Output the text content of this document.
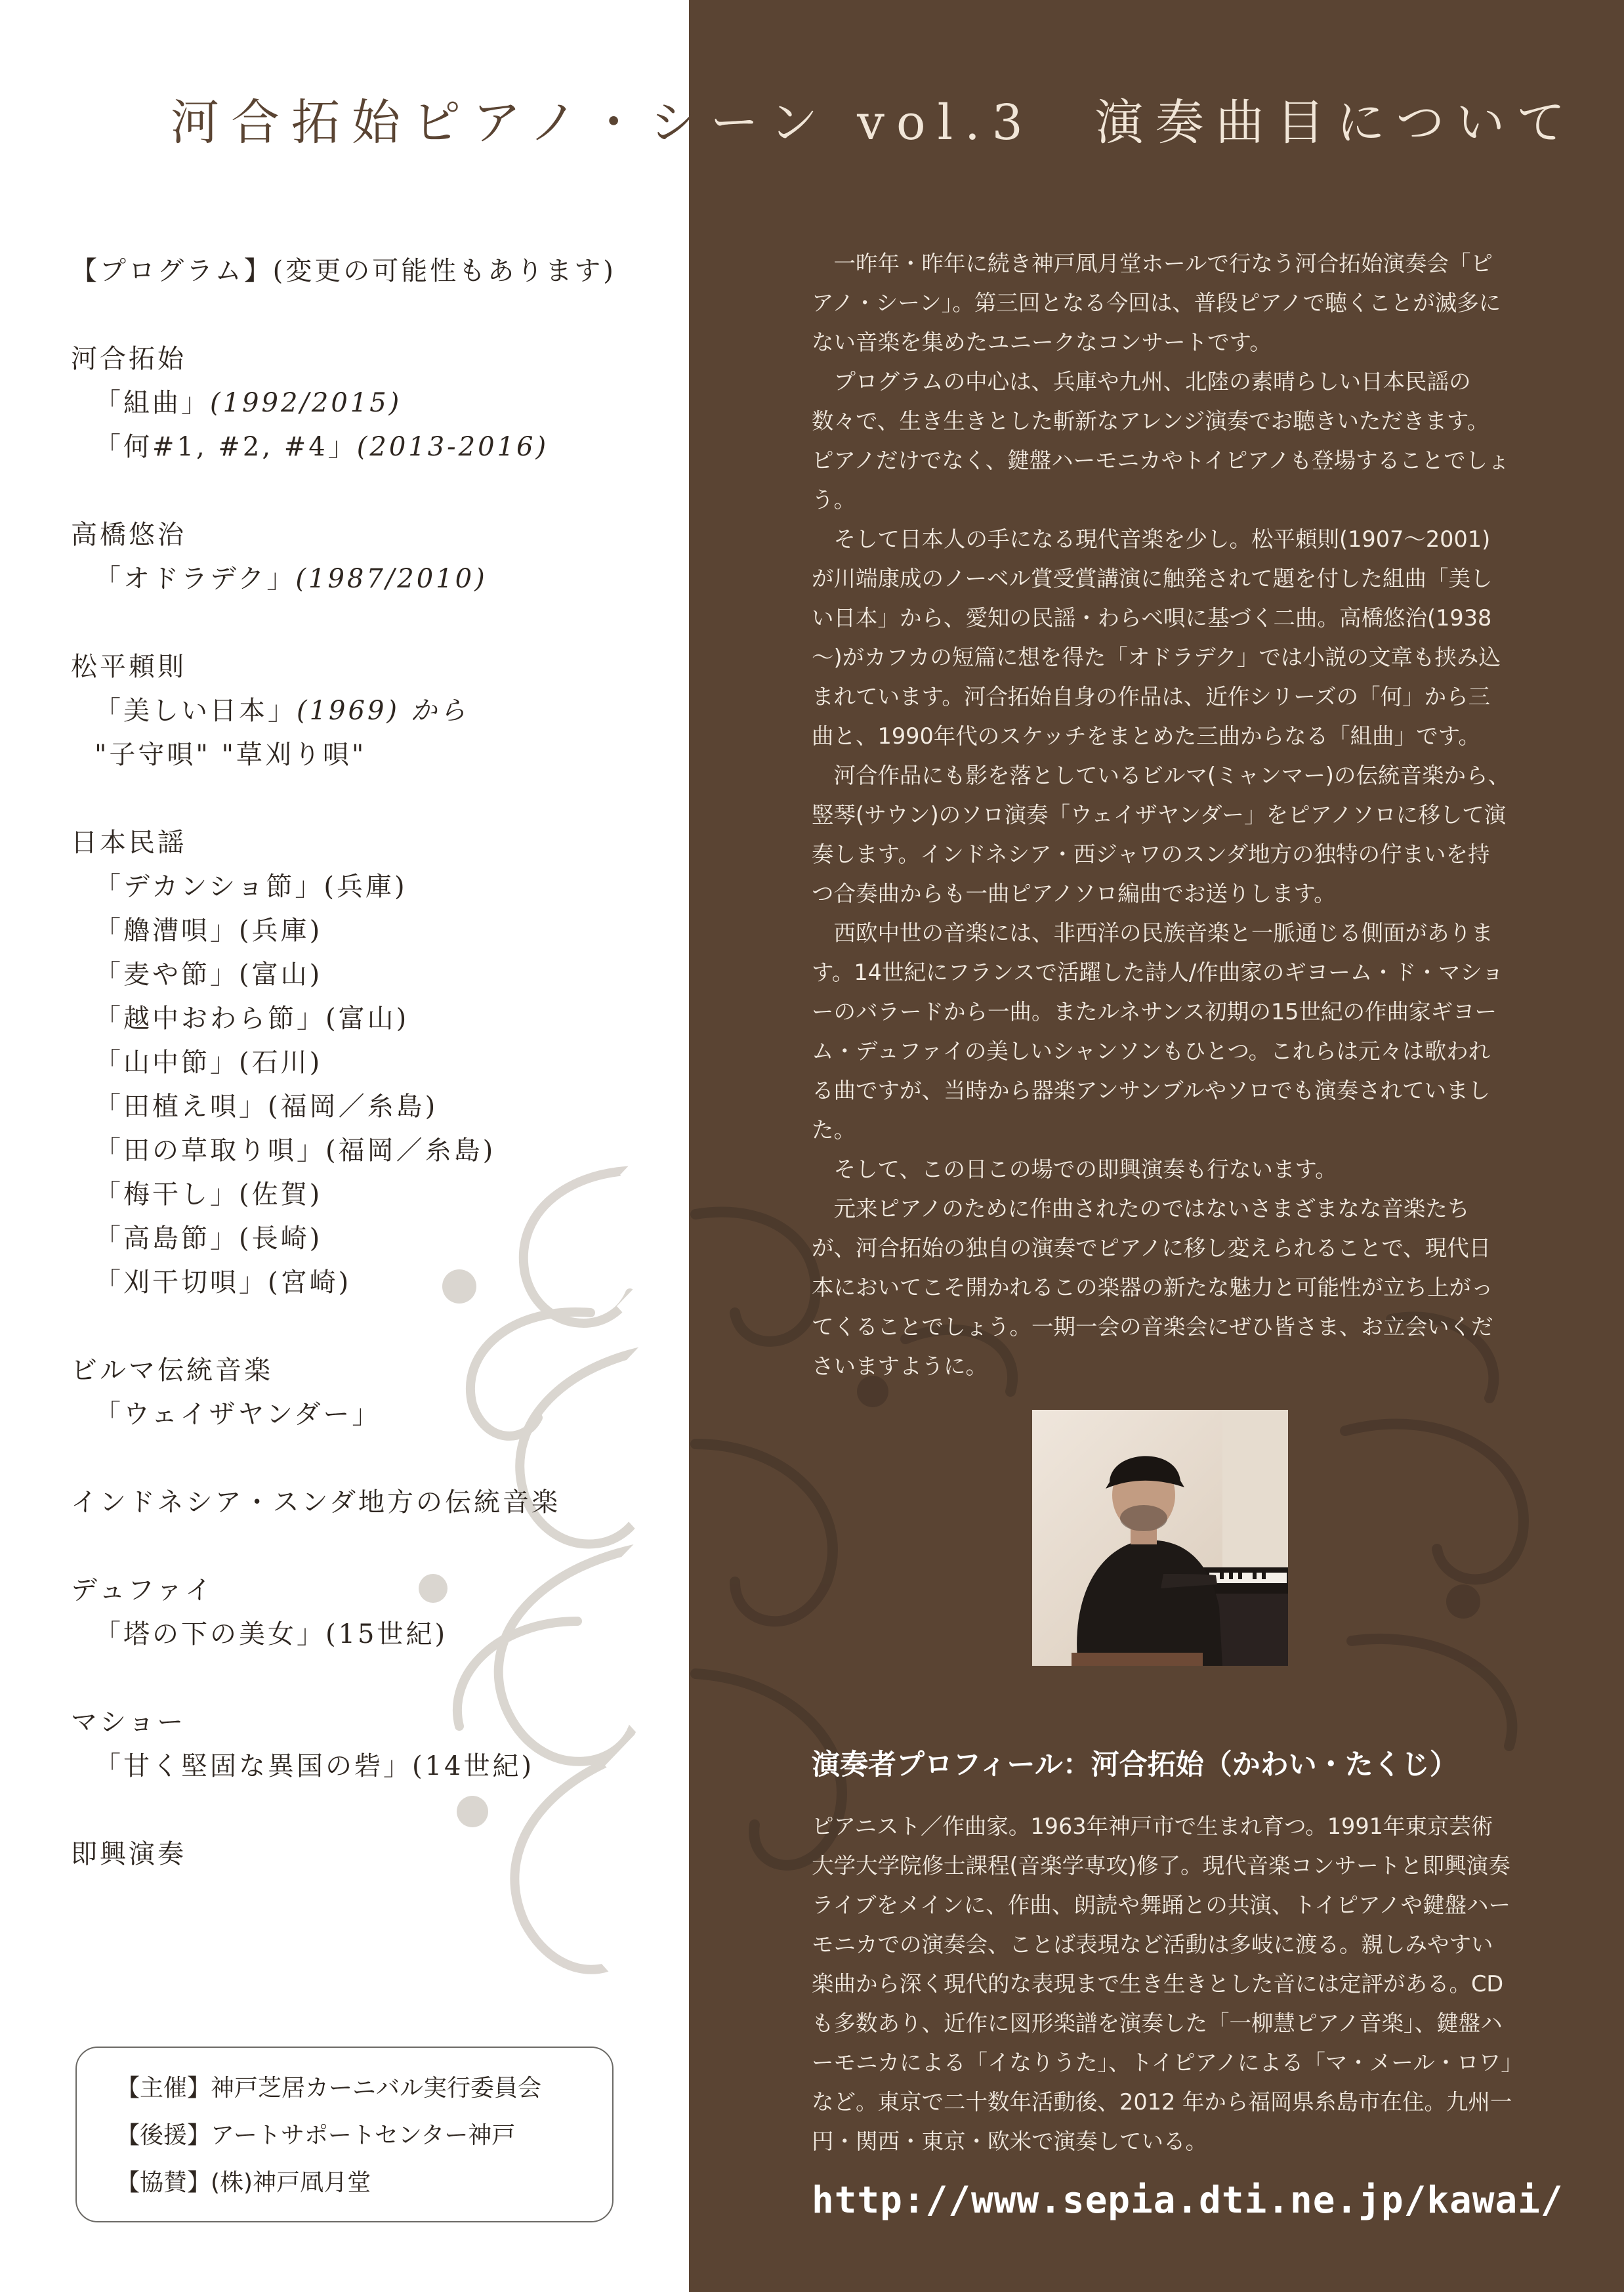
河合拓始ピアノ・シーン vol.3　演奏曲目について
【プログラム】(変更の可能性もあります)
河合拓始
「組曲」(1992/2015)
「何#1, #2, #4」(2013-2016)
高橋悠治
「オドラデク」(1987/2010)
松平頼則
「美しい日本」(1969) から
"子守唄" "草刈り唄"
日本民謡
「デカンショ節」(兵庫)
「艪漕唄」(兵庫)
「麦や節」(富山)
「越中おわら節」(富山)
「山中節」(石川)
「田植え唄」(福岡／糸島)
「田の草取り唄」(福岡／糸島)
「梅干し」(佐賀)
「高島節」(長崎)
「刈干切唄」(宮崎)
ビルマ伝統音楽
「ウェイザヤンダー」
インドネシア・スンダ地方の伝統音楽
デュファイ
「塔の下の美女」(15世紀)
マショー
「甘く堅固な異国の砦」(14世紀)
即興演奏
【主催】神戸芝居カーニバル実行委員会
【後援】アートサポートセンター神戸
【協賛】(株)神戸凮月堂

一昨年・昨年に続き神戸凮月堂ホールで行なう河合拓始演奏会「ピアノ・シーン」。第三回となる今回は、普段ピアノで聴くことが滅多にない音楽を集めたユニークなコンサートです。

プログラムの中心は、兵庫や九州、北陸の素晴らしい日本民謡の数々で、生き生きとした斬新なアレンジ演奏でお聴きいただきます。ピアノだけでなく、鍵盤ハーモニカやトイピアノも登場することでしょう。

そして日本人の手になる現代音楽を少し。松平頼則(1907～2001)が川端康成のノーベル賞受賞講演に触発されて題を付した組曲「美しい日本」から、愛知の民謡・わらべ唄に基づく二曲。高橋悠治(1938～)がカフカの短篇に想を得た「オドラデク」では小説の文章も挟み込まれています。河合拓始自身の作品は、近作シリーズの「何」から三曲と、1990年代のスケッチをまとめた三曲からなる「組曲」です。

河合作品にも影を落としているビルマ(ミャンマー)の伝統音楽から、竪琴(サウン)のソロ演奏「ウェイザヤンダー」をピアノソロに移して演奏します。インドネシア・西ジャワのスンダ地方の独特の佇まいを持つ合奏曲からも一曲ピアノソロ編曲でお送りします。

西欧中世の音楽には、非西洋の民族音楽と一脈通じる側面があります。14世紀にフランスで活躍した詩人/作曲家のギヨーム・ド・マショーのバラードから一曲。またルネサンス初期の15世紀の作曲家ギヨーム・デュファイの美しいシャンソンもひとつ。これらは元々は歌われる曲ですが、当時から器楽アンサンブルやソロでも演奏されていました。

そして、この日この場での即興演奏も行ないます。

元来ピアノのために作曲されたのではないさまざまなな音楽たちが、河合拓始の独自の演奏でピアノに移し変えられることで、現代日本においてこそ開かれるこの楽器の新たな魅力と可能性が立ち上がってくることでしょう。一期一会の音楽会にぜひ皆さま、お立会いくださいますように。

演奏者プロフィール：河合拓始（かわい・たくじ）

ピアニスト／作曲家。1963年神戸市で生まれ育つ。1991年東京芸術大学大学院修士課程(音楽学専攻)修了。現代音楽コンサートと即興演奏ライブをメインに、作曲、朗読や舞踊との共演、トイピアノや鍵盤ハーモニカでの演奏会、ことば表現など活動は多岐に渡る。親しみやすい楽曲から深く現代的な表現まで生き生きとした音には定評がある。CDも多数あり、近作に図形楽譜を演奏した「一柳慧ピアノ音楽」、鍵盤ハーモニカによる「イなりうた」、トイピアノによる「マ・メール・ロワ」など。東京で二十数年活動後、2012 年から福岡県糸島市在住。九州一円・関西・東京・欧米で演奏している。

http://www.sepia.dti.ne.jp/kawai/
